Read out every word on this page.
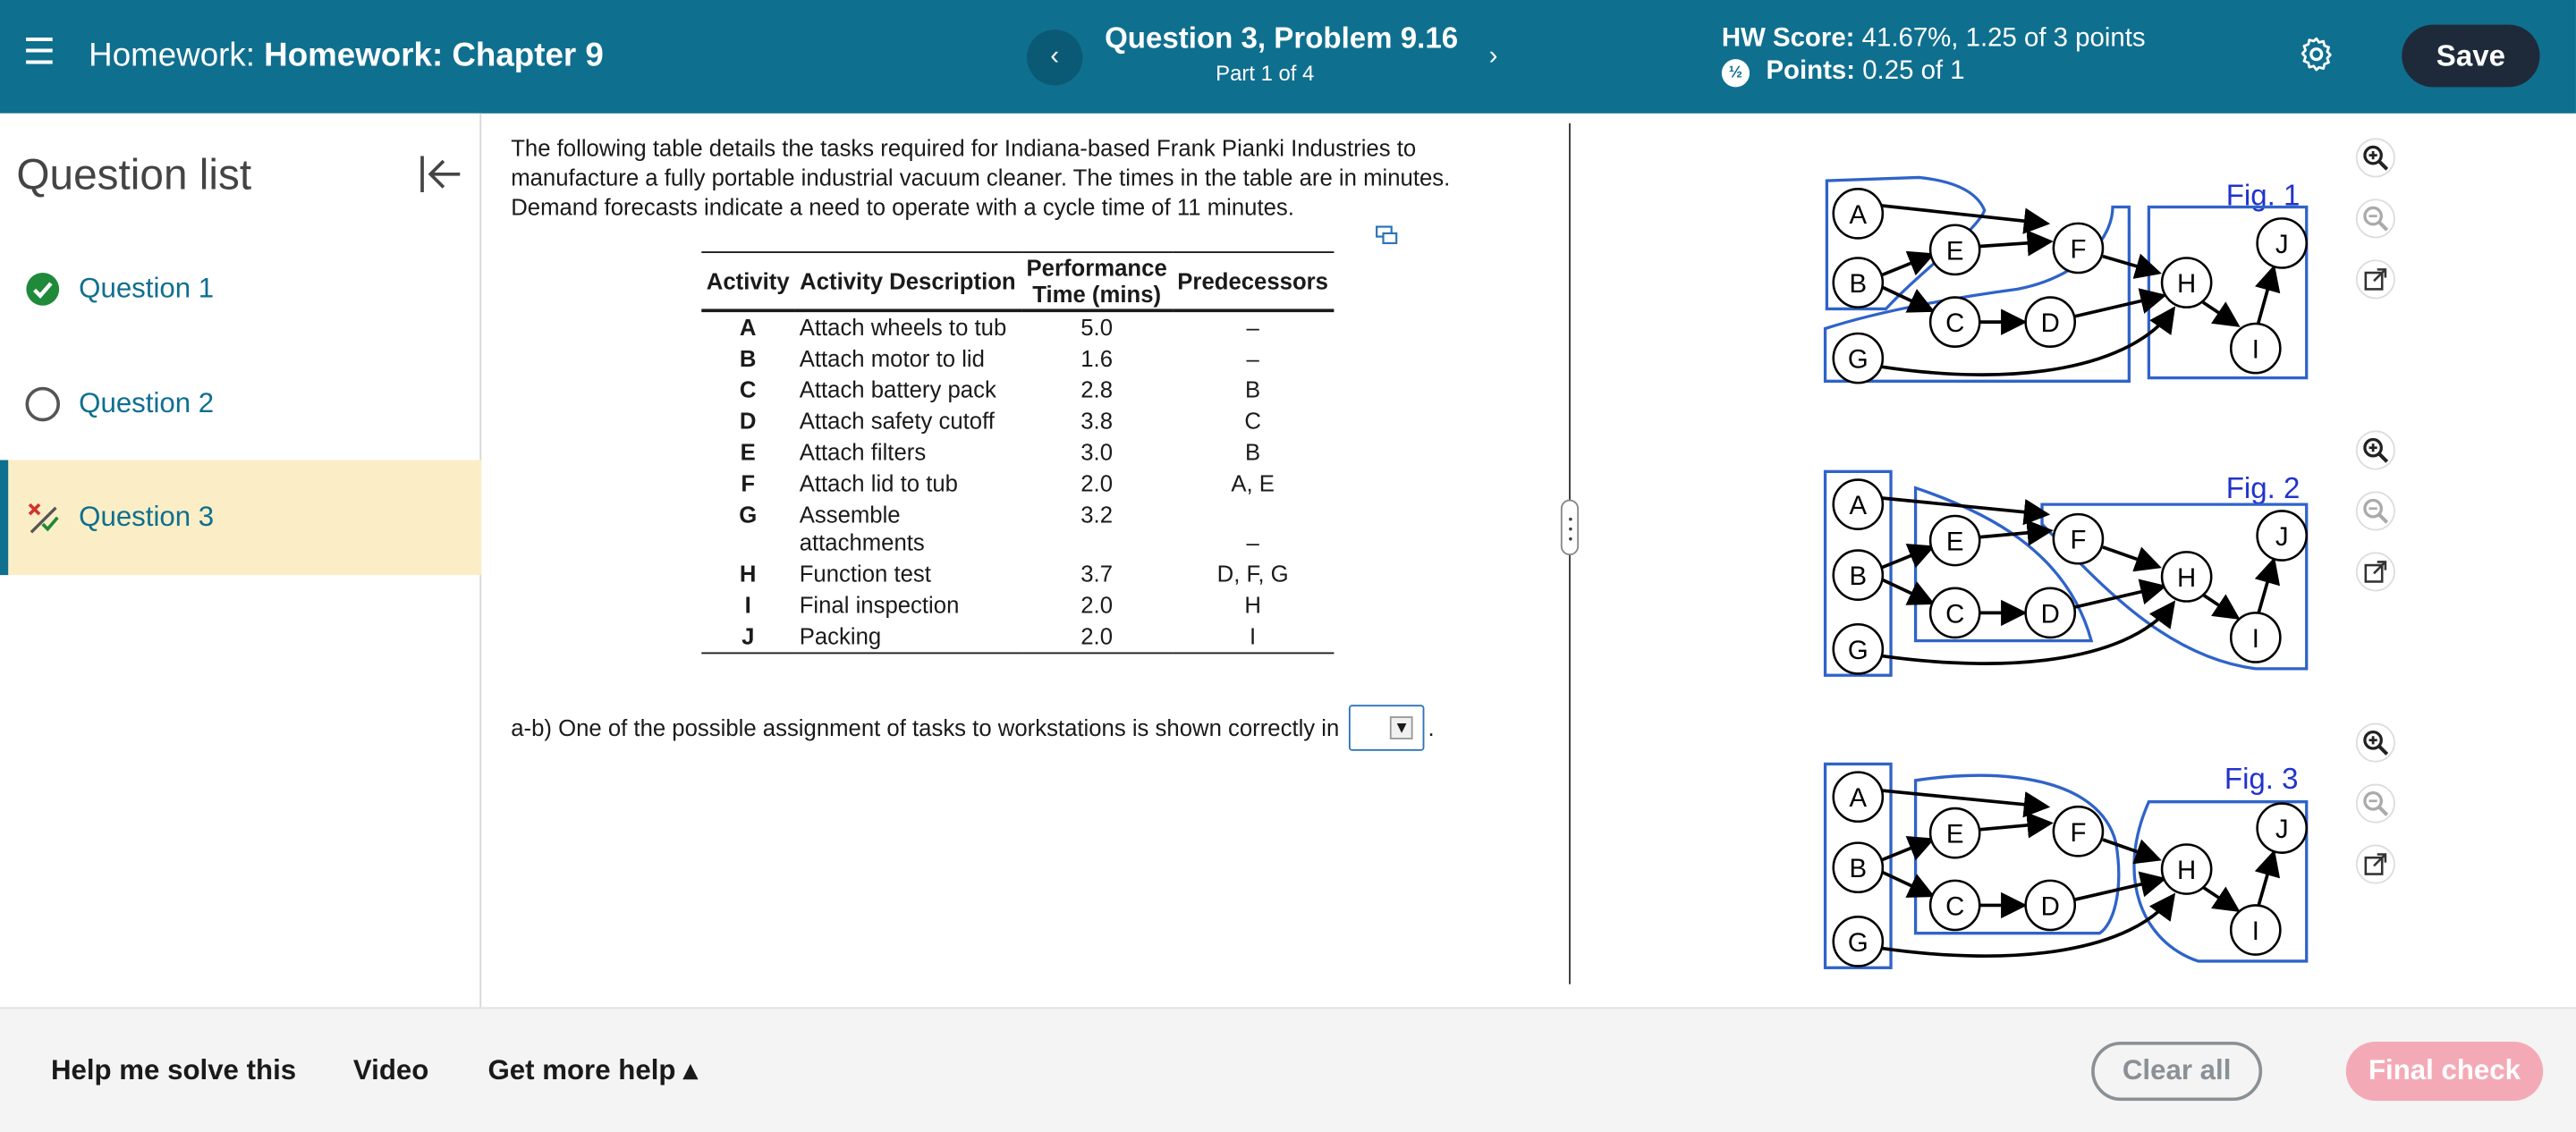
☰ Homework: Homework: Chapter 9	‹
Question 3, Problem 9.16
Part 1 of 4
›
HW Score: 41.67%, 1.25 of 3 points
½	Points:
0.25 of 1	Save
Question list
Question 1
Question 2
Question 3
The following table details the tasks required for Indiana-based Frank Pianki Industries to manufacture a fully portable industrial vacuum cleaner. The times in the table are in minutes. Demand forecasts indicate a need to operate with a cycle time of 11 minutes.
Activity	Activity Description	Performance Time (mins)	Predecessors
A	Attach wheels to tub	5.0	–
B	Attach motor to lid	1.6	–
C	Attach battery pack	2.8	B
D	Attach safety cutoff	3.8	C
E	Attach filters	3.0	B
F	Attach lid to tub	2.0	A, E
G	Assemble attachments	3.2	–
H	Function test	3.7	D, F, G
I	Final inspection	2.0	H
J	Packing	2.0	I
a-b) One of the possible assignment of tasks to workstations is shown correctly in	▼ .
Fig. 1
A
B
G
E
C
F
D
H
I
J
Fig. 2
A
B
G
E
C
F
D
H
I
J
Fig. 3
A
B
G
E
C
F
D
H
I
J
Help me solve this	Video	Get more help ▴	Clear all	Final check
